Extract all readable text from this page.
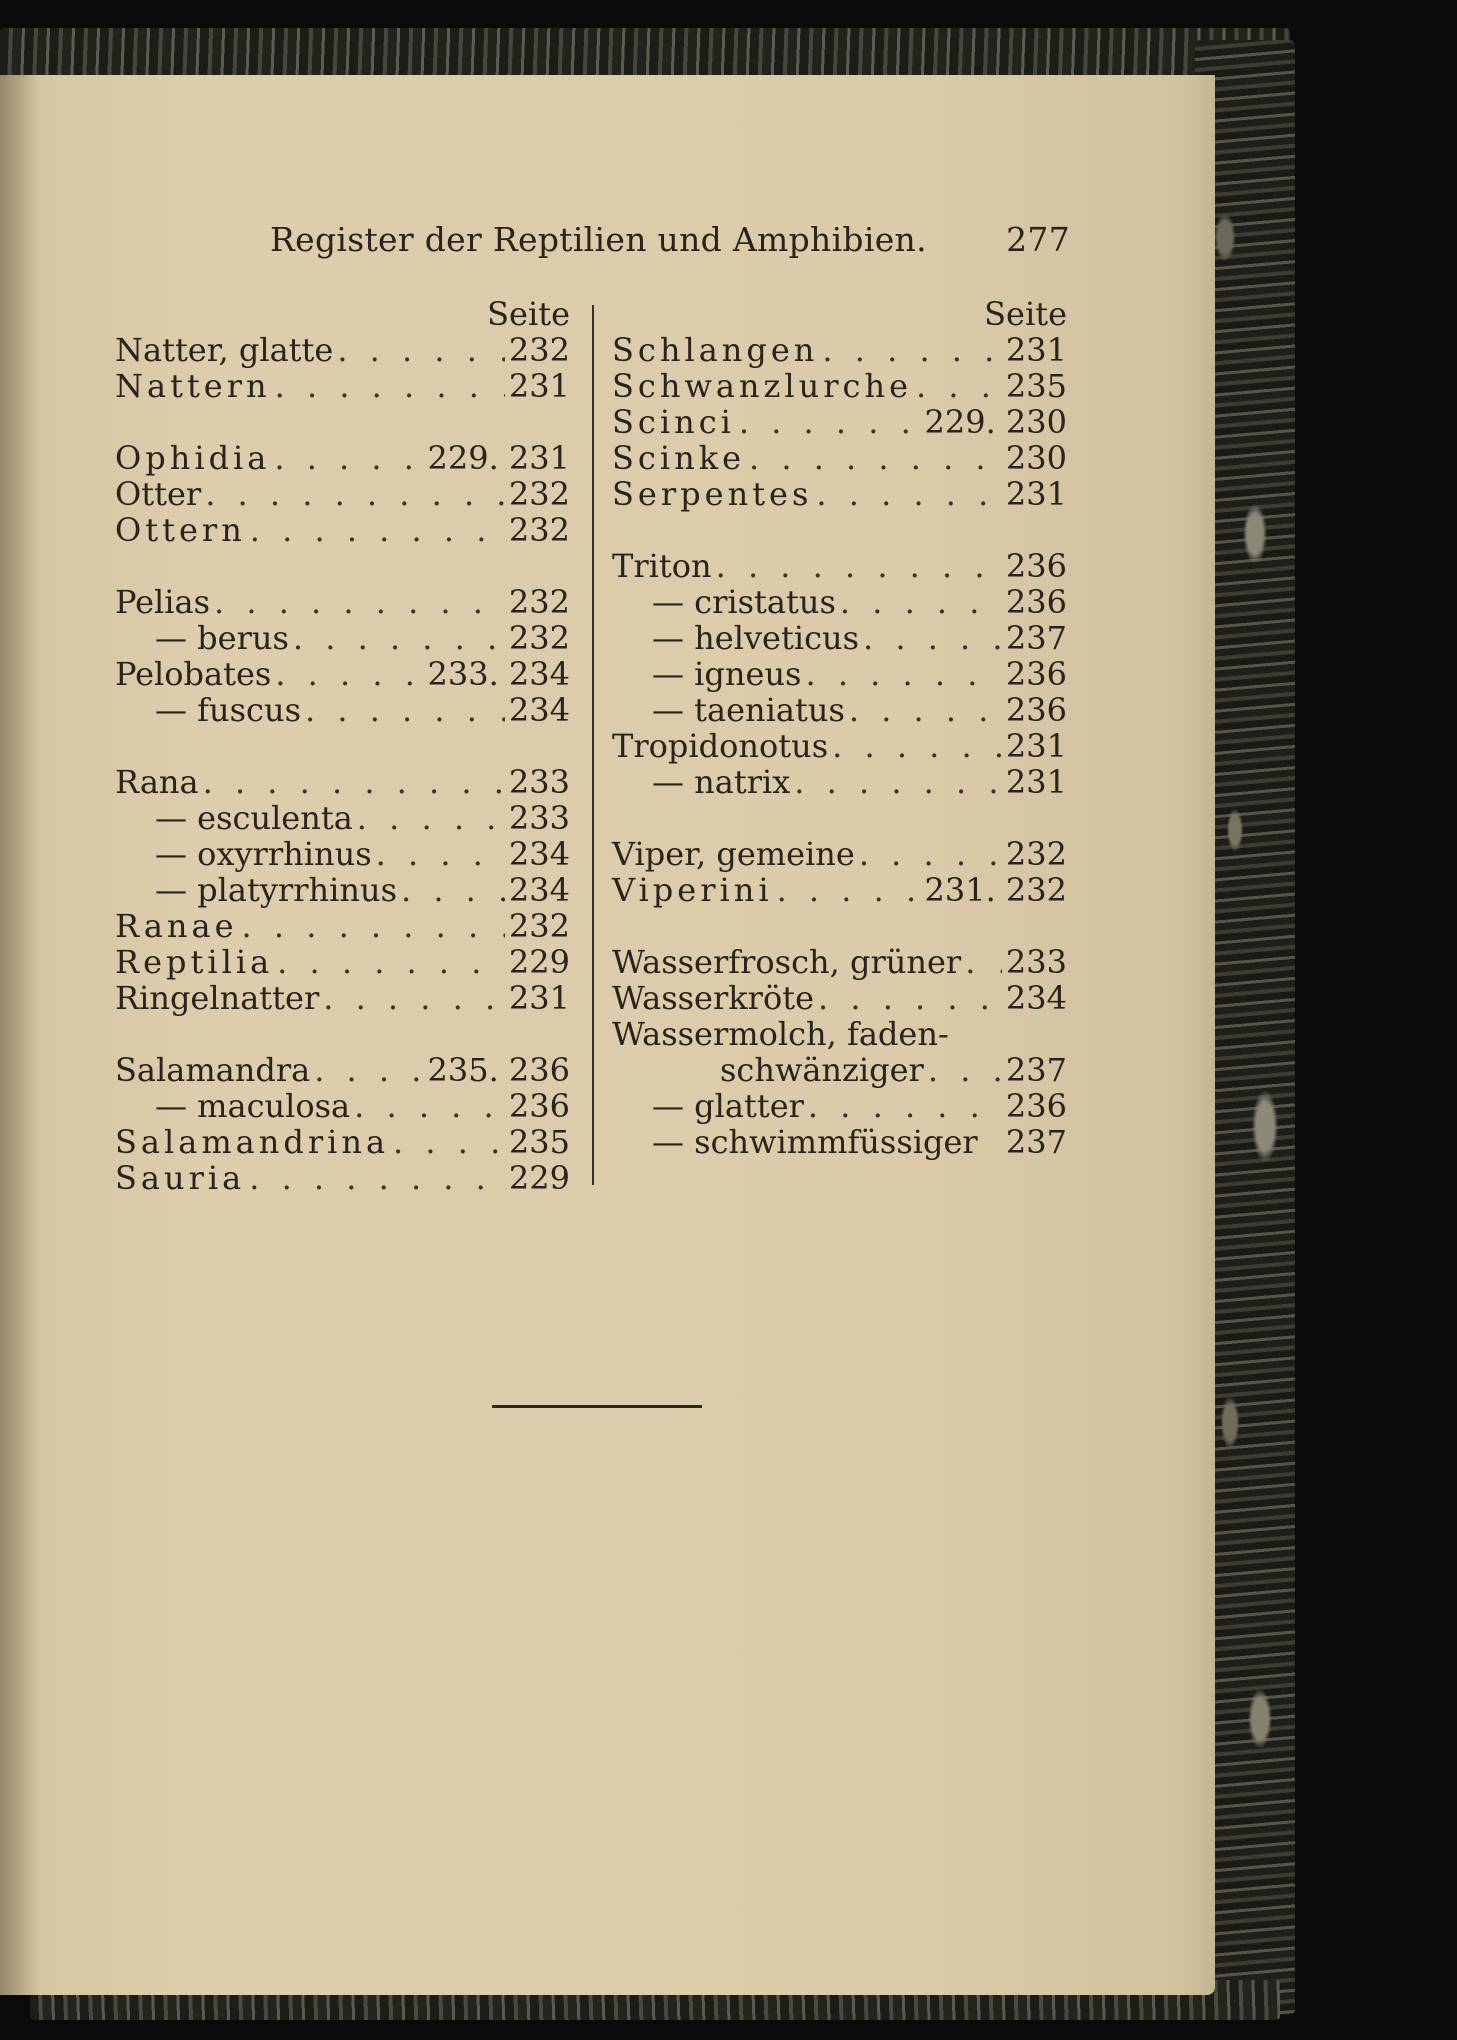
Register der Reptilien und Amphibien. 277
Seite
Natter, glatte . . .	232
Nattern . . .	231
Ophidia . . .	229. 231
Otter . . .	232
Ottern . . .	232
Pelias . . .	232
— berus . . .	232
Pelobates . . .	233. 234
— fuscus . . .	234
Rana . . .	233
— esculenta . . .	233
— oxyrrhinus . . .	234
— platyrrhinus . . .	234
Ranae . . .	232
Reptilia . . .	229
Ringelnatter . . .	231
Salamandra . . .	235. 236
— maculosa . . .	236
Salamandrina . . .	235
Sauria . . .	229
Seite
Schlangen . . .	231
Schwanzlurche . . .	235
Scinci . . .	229. 230
Scinke . . .	230
Serpentes . . .	231
Triton . . .	236
— cristatus . . .	236
— helveticus . . .	237
— igneus . . .	236
— taeniatus . . .	236
Tropidonotus . . .	231
— natrix . . .	231
Viper, gemeine . . .	232
Viperini . . .	231. 232
Wasserfrosch, grüner . . . 233
Wasserkröte . . .	234
Wassermolch, faden-
schwänziger . . .	237
— glatter . . .	236
— schwimmfüssiger 237
